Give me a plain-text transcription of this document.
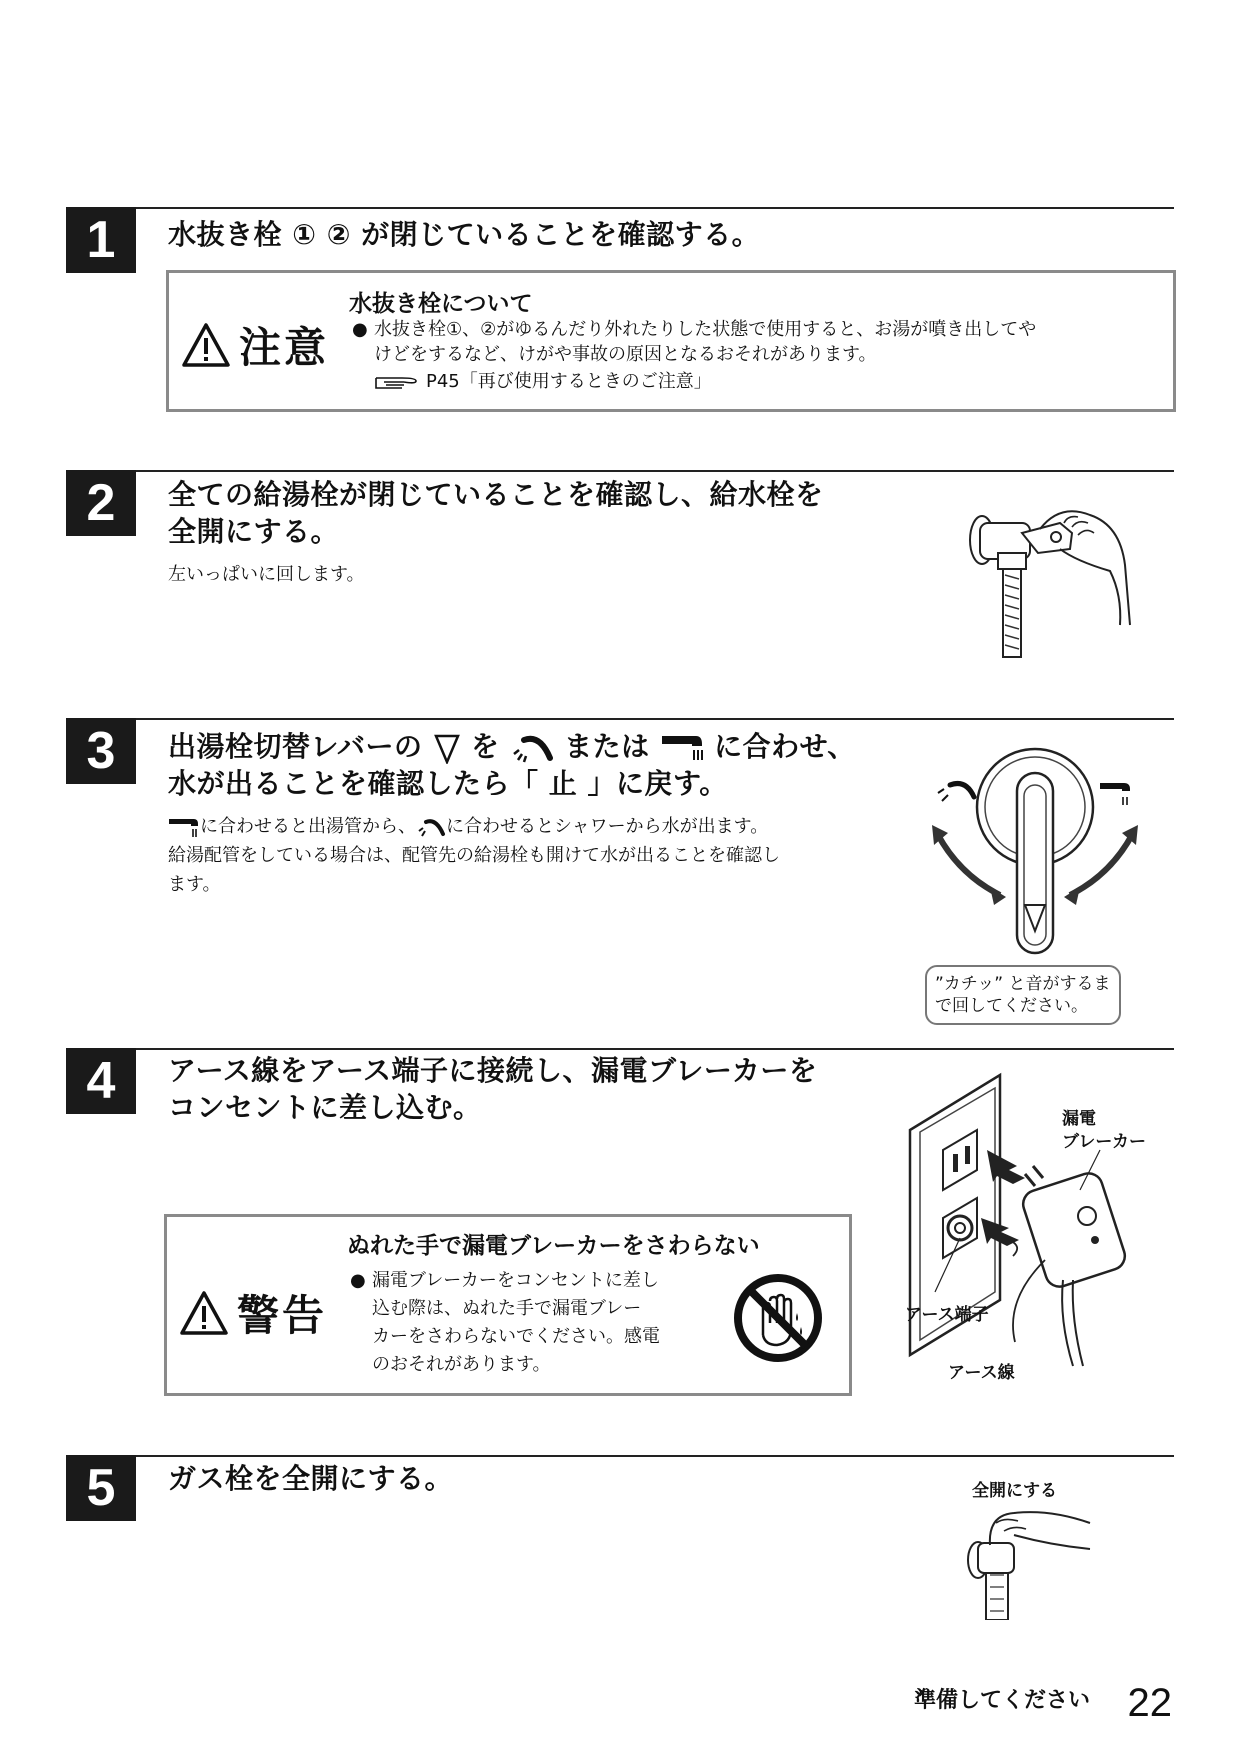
1	水抜き栓 ① ② が閉じていることを確認する。
注意
水抜き栓について
● 水抜き栓①、②がゆるんだり外れたりした状態で使用すると、お湯が噴き出してや
けどをするなど、けがや事故の原因となるおそれがあります。
P45「再び使用するときのご注意」
2	全ての給湯栓が閉じていることを確認し、給水栓を
全開にする。

左いっぱいに回します。

3	出湯栓切替レバーの を または に合わせ、
水が出ることを確認したら「 止 」に戻す。

に合わせると出湯管から、 に合わせるとシャワーから水が出ます。
給湯配管をしている場合は、配管先の給湯栓も開けて水が出ることを確認し
ます。

”カチッ” と音がするま
で回してください。
4	アース線をアース端子に接続し、漏電ブレーカーを
コンセントに差し込む。
警告
ぬれた手で漏電ブレーカーをさわらない
● 漏電ブレーカーをコンセントに差し
込む際は、ぬれた手で漏電ブレー
カーをさわらないでください。感電
のおそれがあります。
漏電
ブレーカー
アース端子
アース線
5	ガス栓を全開にする。	全開にする
準備してください 22
